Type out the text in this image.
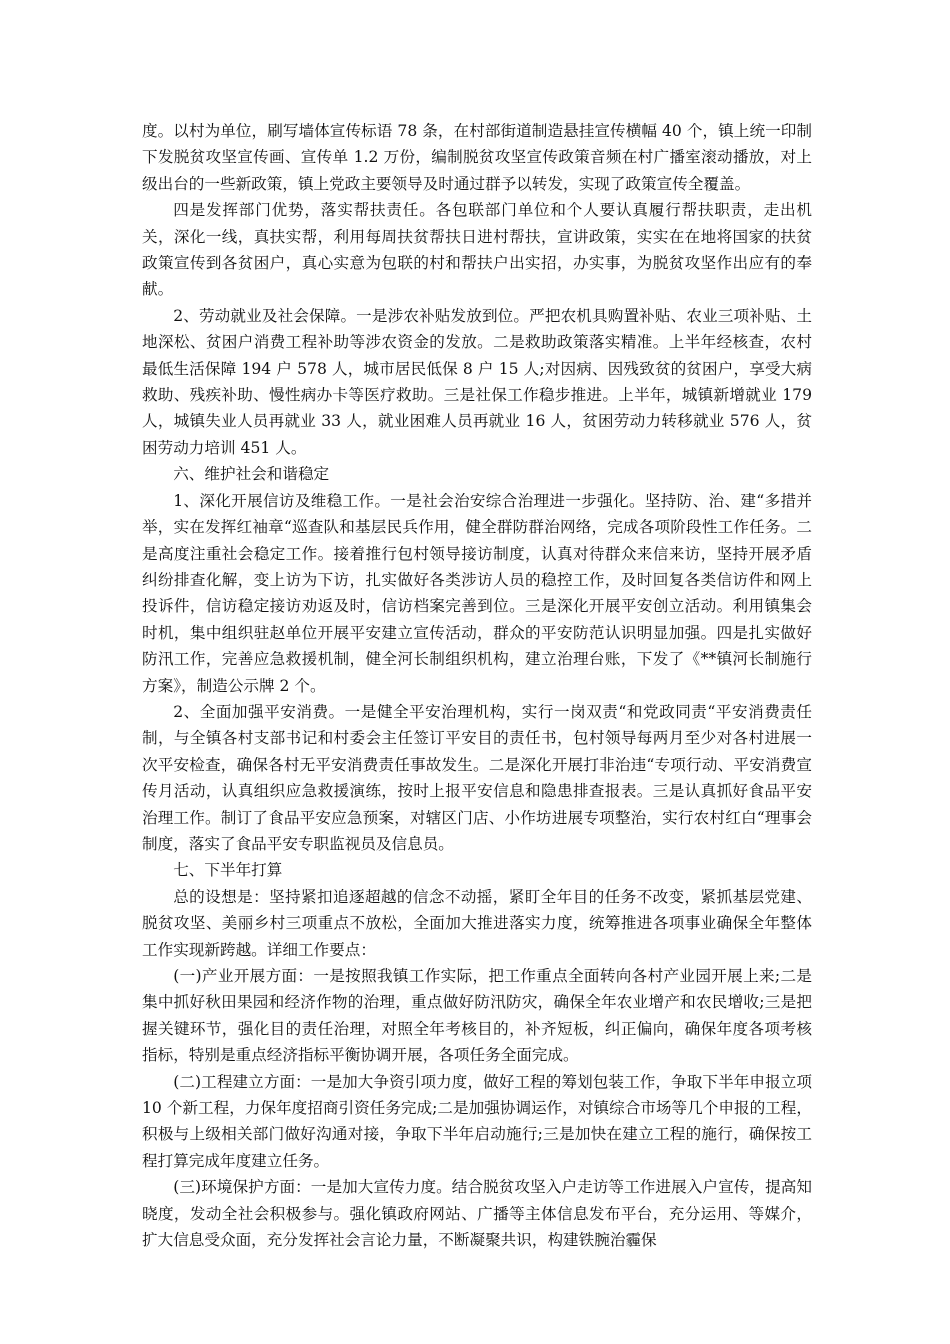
度。以村为单位，刷写墙体宣传标语 78 条，在村部街道制造悬挂宣传横幅 40 个，镇上统一印制下发脱贫攻坚宣传画、宣传单 1.2 万份，编制脱贫攻坚宣传政策音频在村广播室滚动播放，对上级出台的一些新政策，镇上党政主要领导及时通过群予以转发，实现了政策宣传全覆盖。

四是发挥部门优势，落实帮扶责任。各包联部门单位和个人要认真履行帮扶职责，走出机关，深化一线，真扶实帮，利用每周扶贫帮扶日进村帮扶，宣讲政策，实实在在地将国家的扶贫政策宣传到各贫困户，真心实意为包联的村和帮扶户出实招，办实事，为脱贫攻坚作出应有的奉献。

2、劳动就业及社会保障。一是涉农补贴发放到位。严把农机具购置补贴、农业三项补贴、土地深松、贫困户消费工程补助等涉农资金的发放。二是救助政策落实精准。上半年经核查，农村最低生活保障 194 户 578 人，城市居民低保 8 户 15 人;对因病、因残致贫的贫困户，享受大病救助、残疾补助、慢性病办卡等医疗救助。三是社保工作稳步推进。上半年，城镇新增就业 179 人，城镇失业人员再就业 33 人，就业困难人员再就业 16 人，贫困劳动力转移就业 576 人，贫困劳动力培训 451 人。

六、维护社会和谐稳定

1、深化开展信访及维稳工作。一是社会治安综合治理进一步强化。坚持防、治、建“多措并举，实在发挥红袖章“巡查队和基层民兵作用，健全群防群治网络，完成各项阶段性工作任务。二是高度注重社会稳定工作。接着推行包村领导接访制度，认真对待群众来信来访，坚持开展矛盾纠纷排查化解，变上访为下访，扎实做好各类涉访人员的稳控工作，及时回复各类信访件和网上投诉件，信访稳定接访劝返及时，信访档案完善到位。三是深化开展平安创立活动。利用镇集会时机，集中组织驻赵单位开展平安建立宣传活动，群众的平安防范认识明显加强。四是扎实做好防汛工作，完善应急救援机制，健全河长制组织机构，建立治理台账，下发了《**镇河长制施行方案》，制造公示牌 2 个。

2、全面加强平安消费。一是健全平安治理机构，实行一岗双责“和党政同责“平安消费责任制，与全镇各村支部书记和村委会主任签订平安目的责任书，包村领导每两月至少对各村进展一次平安检查，确保各村无平安消费责任事故发生。二是深化开展打非治违“专项行动、平安消费宣传月活动，认真组织应急救援演练，按时上报平安信息和隐患排查报表。三是认真抓好食品平安治理工作。制订了食品平安应急预案，对辖区门店、小作坊进展专项整治，实行农村红白“理事会制度，落实了食品平安专职监视员及信息员。

七、下半年打算

总的设想是：坚持紧扣追逐超越的信念不动摇，紧盯全年目的任务不改变，紧抓基层党建、脱贫攻坚、美丽乡村三项重点不放松，全面加大推进落实力度，统筹推进各项事业确保全年整体工作实现新跨越。详细工作要点：

(一)产业开展方面：一是按照我镇工作实际，把工作重点全面转向各村产业园开展上来;二是集中抓好秋田果园和经济作物的治理，重点做好防汛防灾，确保全年农业增产和农民增收;三是把握关键环节，强化目的责任治理，对照全年考核目的，补齐短板，纠正偏向，确保年度各项考核指标，特别是重点经济指标平衡协调开展，各项任务全面完成。

(二)工程建立方面：一是加大争资引项力度，做好工程的筹划包装工作，争取下半年申报立项 10 个新工程，力保年度招商引资任务完成;二是加强协调运作，对镇综合市场等几个申报的工程，积极与上级相关部门做好沟通对接，争取下半年启动施行;三是加快在建立工程的施行，确保按工程打算完成年度建立任务。

(三)环境保护方面：一是加大宣传力度。结合脱贫攻坚入户走访等工作进展入户宣传，提高知晓度，发动全社会积极参与。强化镇政府网站、广播等主体信息发布平台，充分运用、等媒介，扩大信息受众面，充分发挥社会言论力量，不断凝聚共识，构建铁腕治霾保
